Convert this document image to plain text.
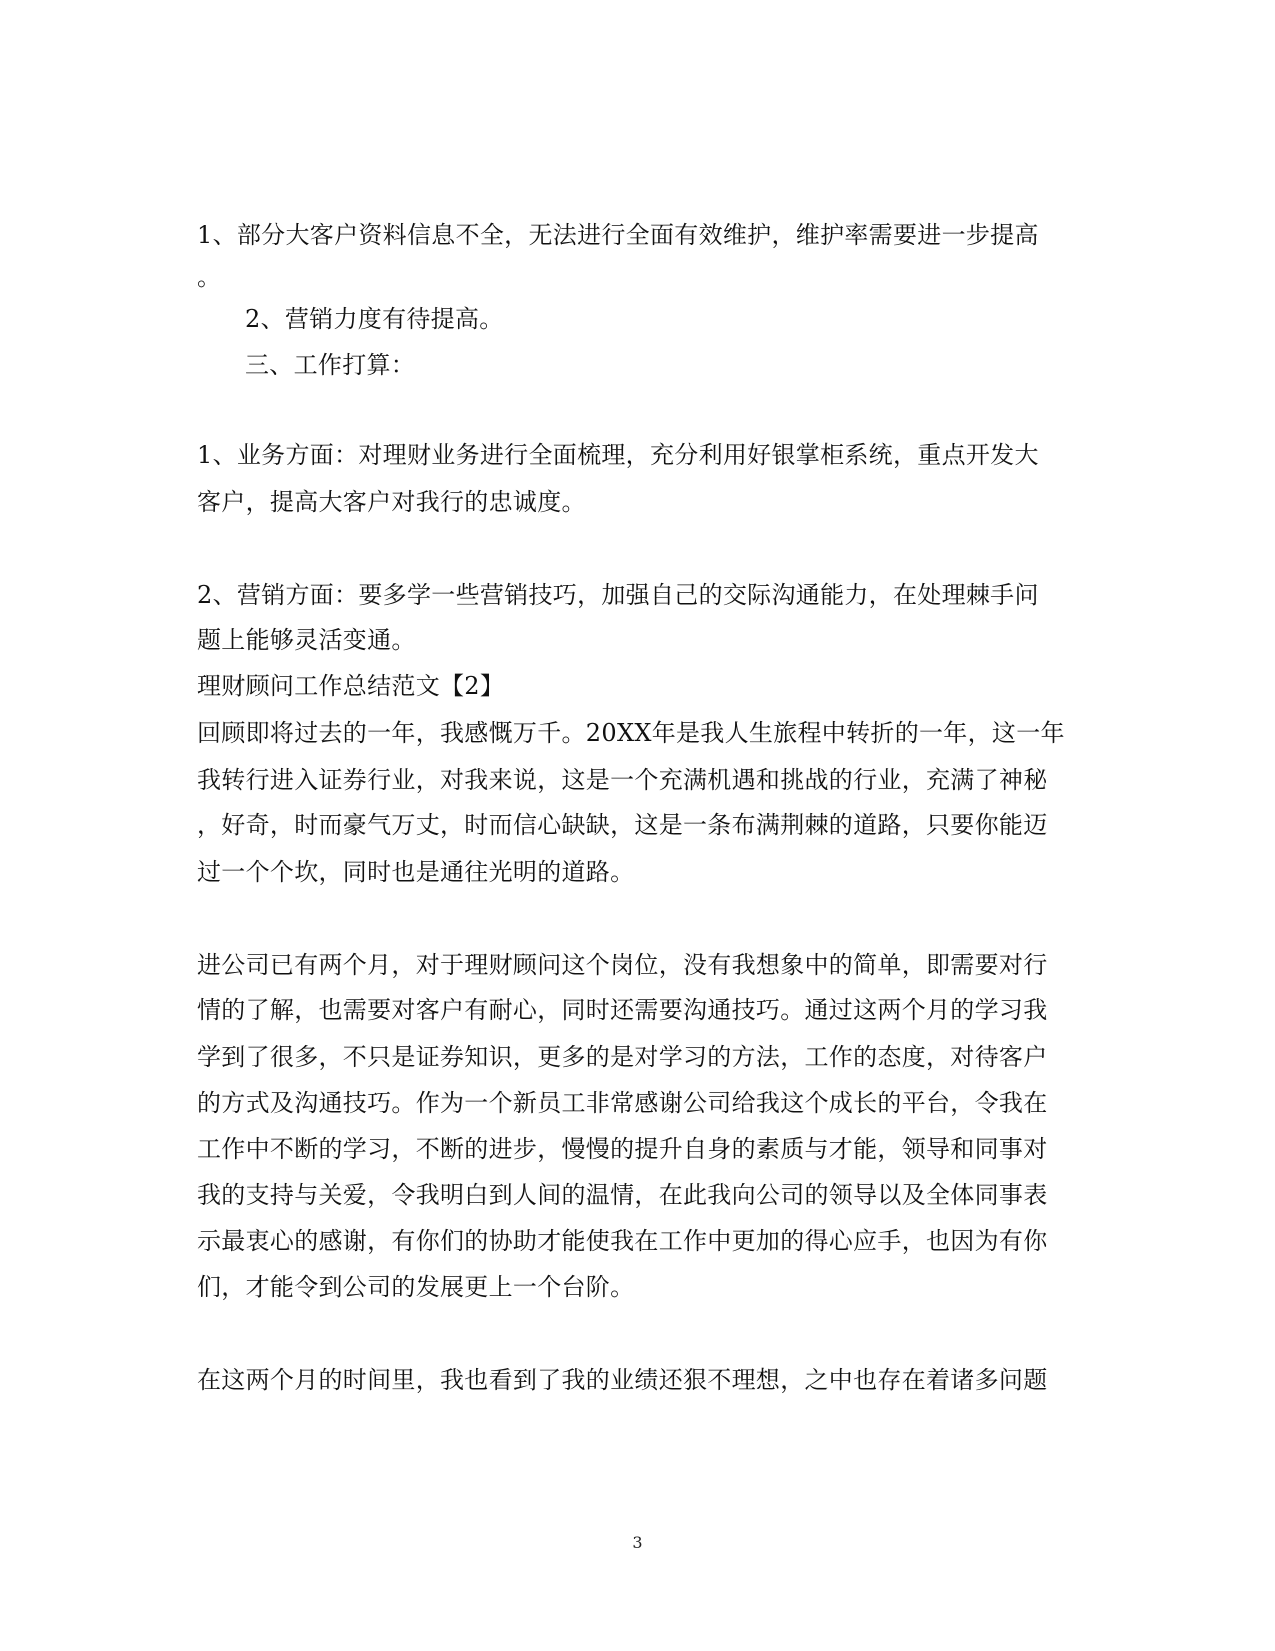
1、部分大客户资料信息不全，无法进行全面有效维护，维护率需要进一步提高
。
2、营销力度有待提高。
三、工作打算：
1、业务方面：对理财业务进行全面梳理，充分利用好银掌柜系统，重点开发大
客户，提高大客户对我行的忠诚度。
2、营销方面：要多学一些营销技巧，加强自己的交际沟通能力，在处理棘手问
题上能够灵活变通。
理财顾问工作总结范文【2】
回顾即将过去的一年，我感慨万千。20XX年是我人生旅程中转折的一年，这一年
我转行进入证券行业，对我来说，这是一个充满机遇和挑战的行业，充满了神秘
，好奇，时而豪气万丈，时而信心缺缺，这是一条布满荆棘的道路，只要你能迈
过一个个坎，同时也是通往光明的道路。
进公司已有两个月，对于理财顾问这个岗位，没有我想象中的简单，即需要对行
情的了解，也需要对客户有耐心，同时还需要沟通技巧。通过这两个月的学习我
学到了很多，不只是证券知识，更多的是对学习的方法，工作的态度，对待客户
的方式及沟通技巧。作为一个新员工非常感谢公司给我这个成长的平台，令我在
工作中不断的学习，不断的进步，慢慢的提升自身的素质与才能，领导和同事对
我的支持与关爱，令我明白到人间的温情，在此我向公司的领导以及全体同事表
示最衷心的感谢，有你们的协助才能使我在工作中更加的得心应手，也因为有你
们，才能令到公司的发展更上一个台阶。
在这两个月的时间里，我也看到了我的业绩还狠不理想，之中也存在着诸多问题
3
